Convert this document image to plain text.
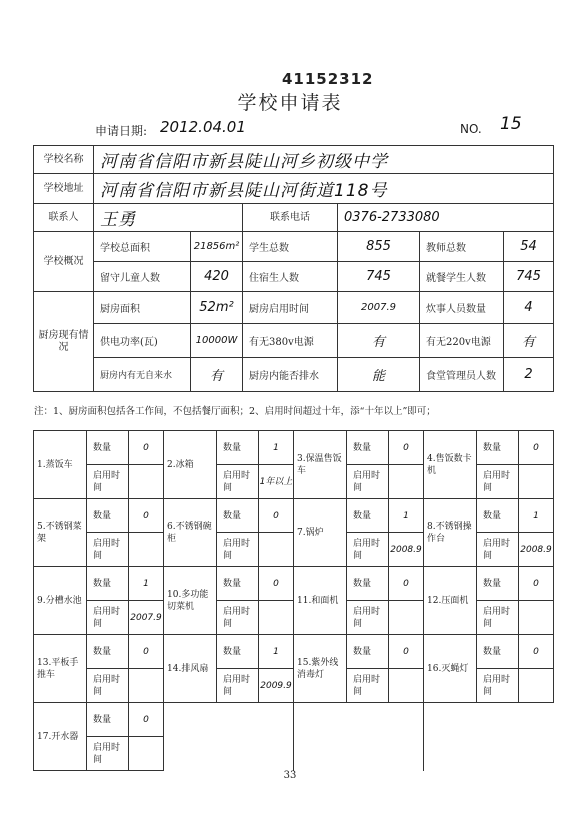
41152312
学校申请表
申请日期: 2012.04.01	NO. 15
学校名称	河南省信阳市新县陡山河乡初级中学					
学校地址	河南省信阳市新县陡山河街道118号					
联系人	王勇		联系电话	0376-2733080		
学校概况	学校总面积	21856m²	学生总数	855	教师总数	54
	留守儿童人数	420	住宿生人数	745	就餐学生人数	745
厨房现有情况	厨房面积	52m²	厨房启用时间	2007.9	炊事人员数量	4
	供电功率(瓦)	10000W	有无380v电源	有	有无220v电源	有
	厨房内有无自来水	有	厨房内能否排水	能	食堂管理员人数	2
注：1、厨房面积包括各工作间，不包括餐厅面积；2、启用时间超过十年，添“十年以上”即可；
1.蒸饭车	数量	0	2.冰箱	数量	1	3.保温售饭车	数量	0	4.售饭数卡机	数量	0
	启用时间			启用时间	1年以上		启用时间			启用时间	
5.不锈钢菜架	数量	0	6.不锈钢碗柜	数量	0	7.锅炉	数量	1	8.不锈钢操作台	数量	1
	启用时间			启用时间			启用时间	2008.9		启用时间	2008.9
9.分槽水池	数量	1	10.多功能切菜机	数量	0	11.和面机	数量	0	12.压面机	数量	0
	启用时间	2007.9		启用时间			启用时间			启用时间	
13.平板手推车	数量	0	14.排风扇	数量	1	15.紫外线消毒灯	数量	0	16.灭蝇灯	数量	0
	启用时间			启用时间	2009.9		启用时间			启用时间	
17.开水器	数量	0									
	启用时间										
33
